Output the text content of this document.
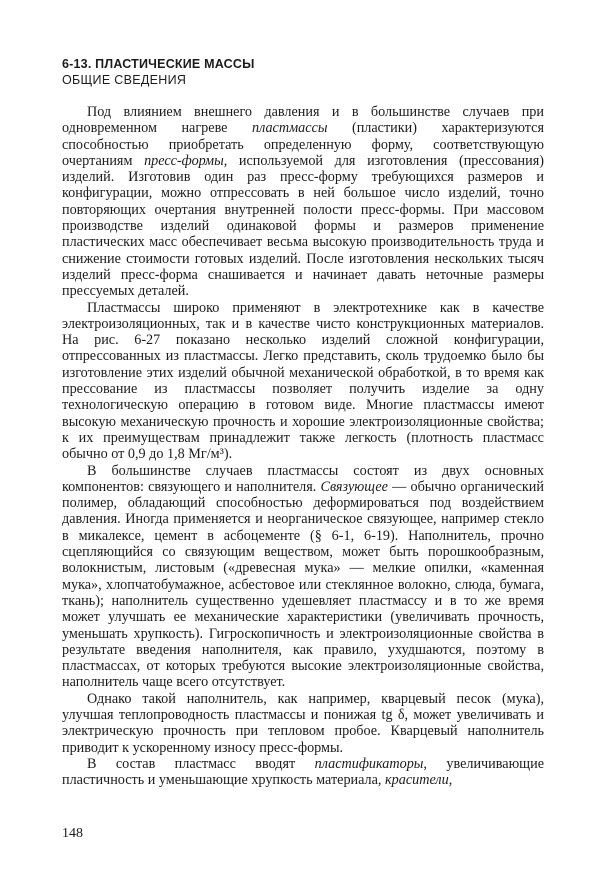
6-13. ПЛАСТИЧЕСКИЕ МАССЫ
ОБЩИЕ СВЕДЕНИЯ

Под влиянием внешнего давления и в большинстве случаев при одновременном нагреве пластмассы (пластики) характеризуются способностью приобретать определенную форму, соответствующую очертаниям пресс-формы, используемой для изготовления (прессования) изделий. Изготовив один раз пресс-форму требующихся размеров и конфигурации, можно отпрессовать в ней большое число изделий, точно повторяющих очертания внутренней полости пресс-формы. При массовом производстве изделий одинаковой формы и размеров применение пластических масс обеспечивает весьма высокую производительность труда и снижение стоимости готовых изделий. После изготовления нескольких тысяч изделий пресс-форма снашивается и начинает давать неточные размеры прессуемых деталей.

Пластмассы широко применяют в электротехнике как в качестве электроизоляционных, так и в качестве чисто конструкционных материалов. На рис. 6-27 показано несколько изделий сложной конфигурации, отпрессованных из пластмассы. Легко представить, сколь трудоемко было бы изготовление этих изделий обычной механической обработкой, в то время как прессование из пластмассы позволяет получить изделие за одну технологическую операцию в готовом виде. Многие пластмассы имеют высокую механическую прочность и хорошие электроизоляционные свойства; к их преимуществам принадлежит также легкость (плотность пластмасс обычно от 0,9 до 1,8 Мг/м³).

В большинстве случаев пластмассы состоят из двух основных компонентов: связующего и наполнителя. Связующее — обычно органический полимер, обладающий способностью деформироваться под воздействием давления. Иногда применяется и неорганическое связующее, например стекло в микалексе, цемент в асбоцементе (§ 6-1, 6-19). Наполнитель, прочно сцепляющийся со связующим веществом, может быть порошкообразным, волокнистым, листовым («древесная мука» — мелкие опилки, «каменная мука», хлопчатобумажное, асбестовое или стеклянное волокно, слюда, бумага, ткань); наполнитель существенно удешевляет пластмассу и в то же время может улучшать ее механические характеристики (увеличивать прочность, уменьшать хрупкость). Гигроскопичность и электроизоляционные свойства в результате введения наполнителя, как правило, ухудшаются, поэтому в пластмассах, от которых требуются высокие электроизоляционные свойства, наполнитель чаще всего отсутствует.

Однако такой наполнитель, как например, кварцевый песок (мука), улучшая теплопроводность пластмассы и понижая tg δ, может увеличивать и электрическую прочность при тепловом пробое. Кварцевый наполнитель приводит к ускоренному износу пресс-формы.

В состав пластмасс вводят пластификаторы, увеличивающие пластичность и уменьшающие хрупкость материала, красители,

148
